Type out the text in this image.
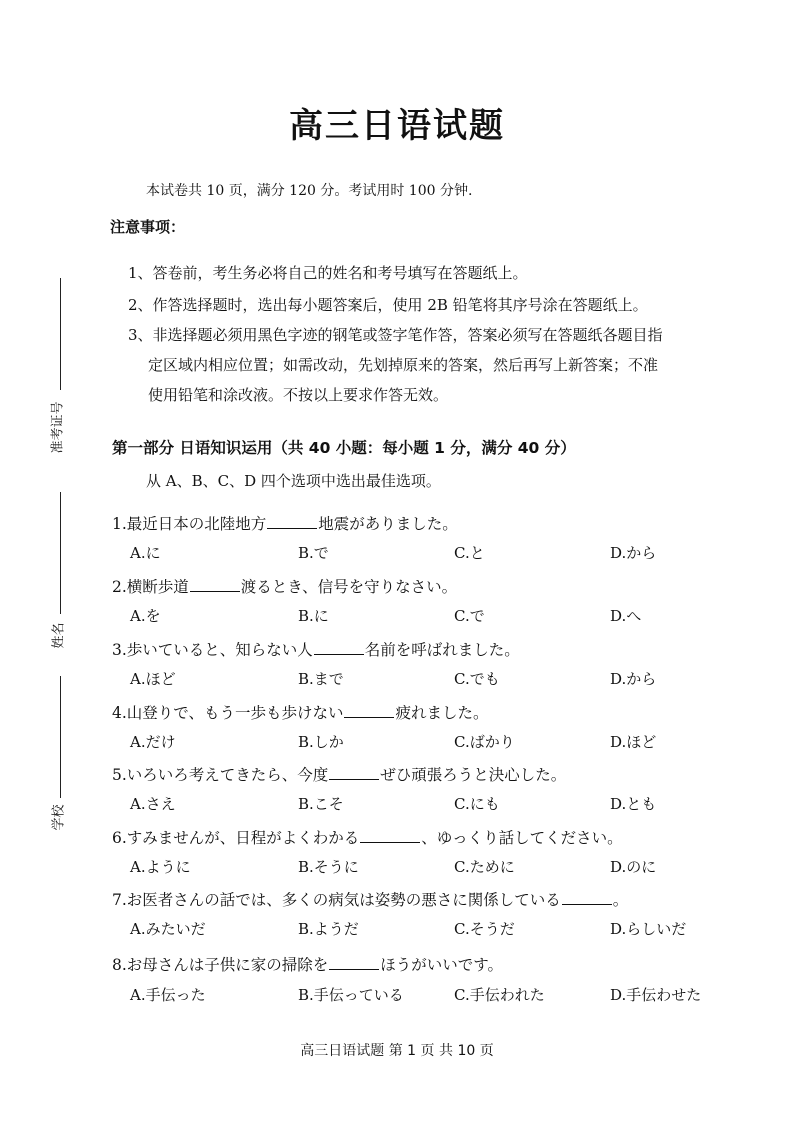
准考证号
姓名
学校
高三日语试题
本试卷共 10 页，满分 120 分。考试用时 100 分钟.
注意事项：
1、答卷前，考生务必将自己的姓名和考号填写在答题纸上。
2、作答选择题时，选出每小题答案后，使用 2B 铅笔将其序号涂在答题纸上。
3、非选择题必须用黑色字迹的钢笔或签字笔作答，答案必须写在答题纸各题目指
定区域内相应位置；如需改动，先划掉原来的答案，然后再写上新答案；不准
使用铅笔和涂改液。不按以上要求作答无效。
第一部分 日语知识运用（共 40 小题：每小题 1 分，满分 40 分）
从 A、B、C、D 四个选项中选出最佳选项。
1.最近日本の北陸地方	地震がありました。
A.に	B.で	C.と	D.から
2.横断歩道	渡るとき、信号を守りなさい。
A.を	B.に	C.で	D.へ
3.歩いていると、知らない人	名前を呼ばれました。
A.ほど	B.まで	C.でも	D.から
4.山登りで、もう一歩も歩けない	疲れました。
A.だけ	B.しか	C.ばかり	D.ほど
5.いろいろ考えてきたら、今度	ぜひ頑張ろうと決心した。
A.さえ	B.こそ	C.にも	D.とも
6.すみませんが、日程がよくわかる	、ゆっくり話してください。
A.ように	B.そうに	C.ために	D.のに
7.お医者さんの話では、多くの病気は姿勢の悪さに関係している	。
A.みたいだ	B.ようだ	C.そうだ	D.らしいだ
8.お母さんは子供に家の掃除を	ほうがいいです。
A.手伝った	B.手伝っている	C.手伝われた	D.手伝わせた
高三日语试题 第 1 页 共 10 页
